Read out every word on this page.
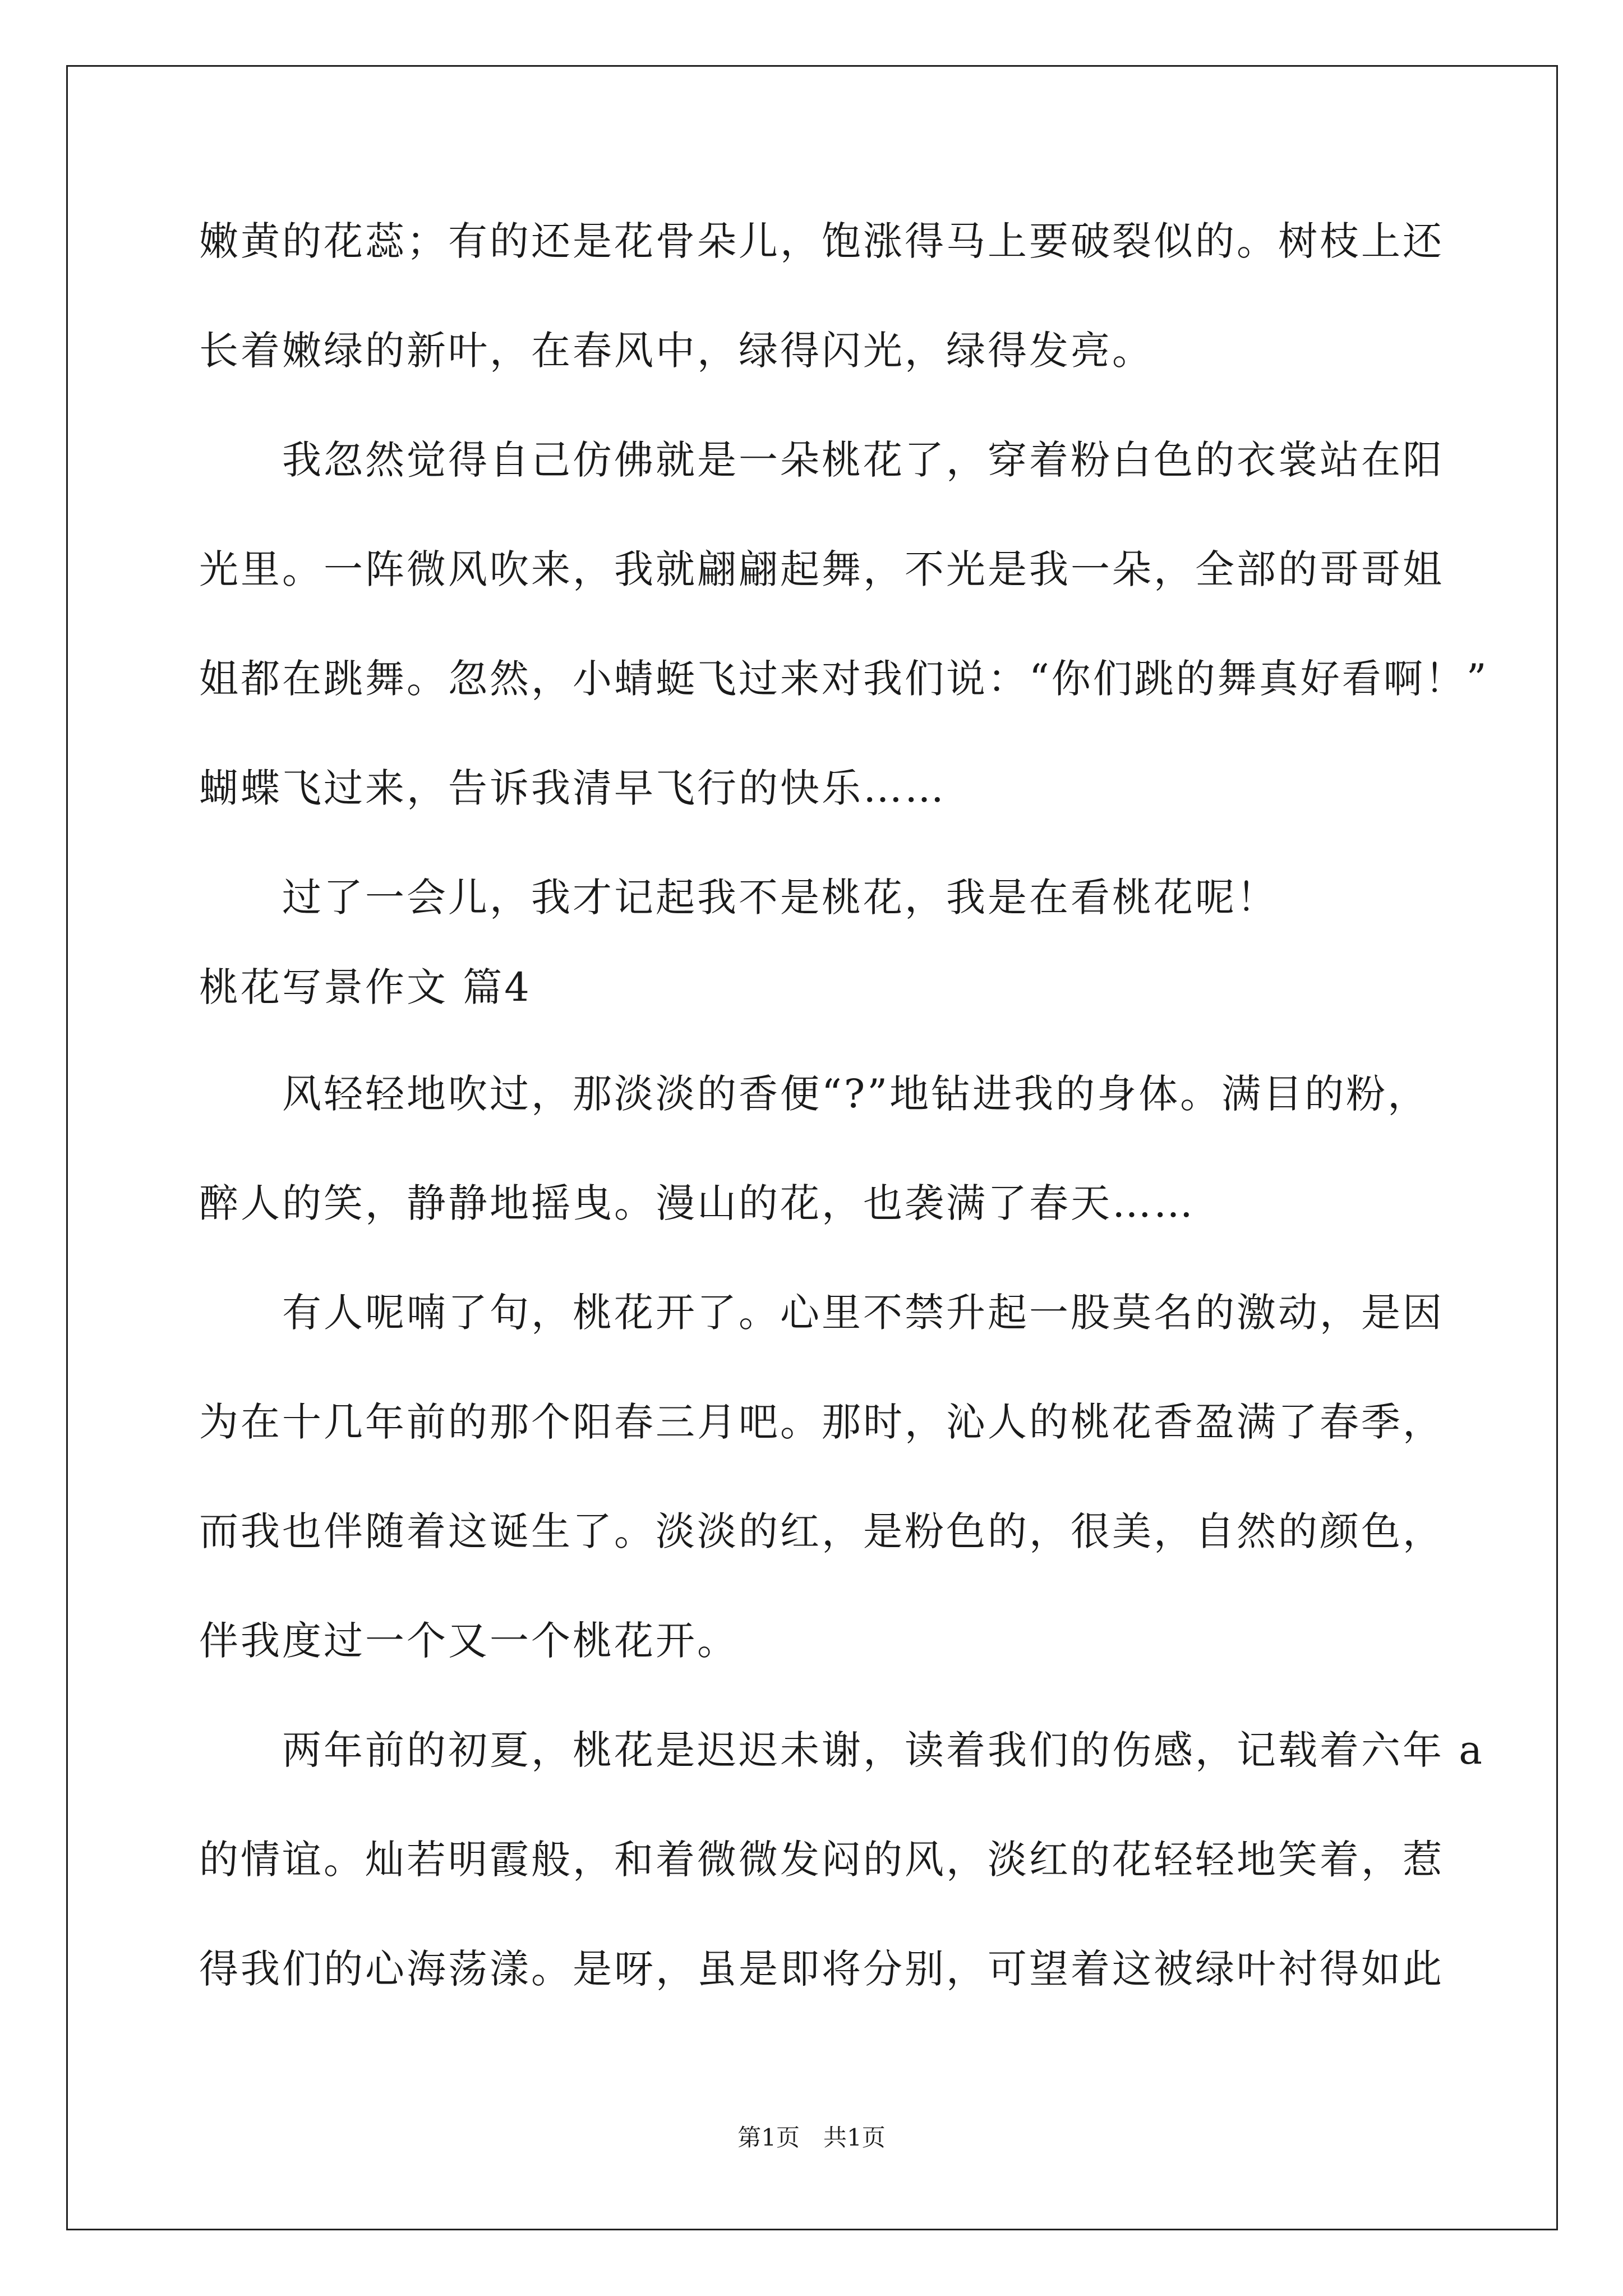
嫩黄的花蕊；有的还是花骨朵儿，饱涨得马上要破裂似的。树枝上还

长着嫩绿的新叶，在春风中，绿得闪光，绿得发亮。

　　我忽然觉得自己仿佛就是一朵桃花了，穿着粉白色的衣裳站在阳

光里。一阵微风吹来，我就翩翩起舞，不光是我一朵，全部的哥哥姐

姐都在跳舞。忽然，小蜻蜓飞过来对我们说：“你们跳的舞真好看啊！”

蝴蝶飞过来，告诉我清早飞行的快乐……

　　过了一会儿，我才记起我不是桃花，我是在看桃花呢！

桃花写景作文 篇4

　　风轻轻地吹过，那淡淡的香便“?”地钻进我的身体。满目的粉，

醉人的笑，静静地摇曳。漫山的花，也袭满了春天……

　　有人呢喃了句，桃花开了。心里不禁升起一股莫名的激动，是因

为在十几年前的那个阳春三月吧。那时，沁人的桃花香盈满了春季，

而我也伴随着这诞生了。淡淡的红，是粉色的，很美，自然的颜色，

伴我度过一个又一个桃花开。

　　两年前的初夏，桃花是迟迟未谢，读着我们的伤感，记载着六年 a

的情谊。灿若明霞般，和着微微发闷的风，淡红的花轻轻地笑着，惹

得我们的心海荡漾。是呀，虽是即将分别，可望着这被绿叶衬得如此

第1页　共1页
